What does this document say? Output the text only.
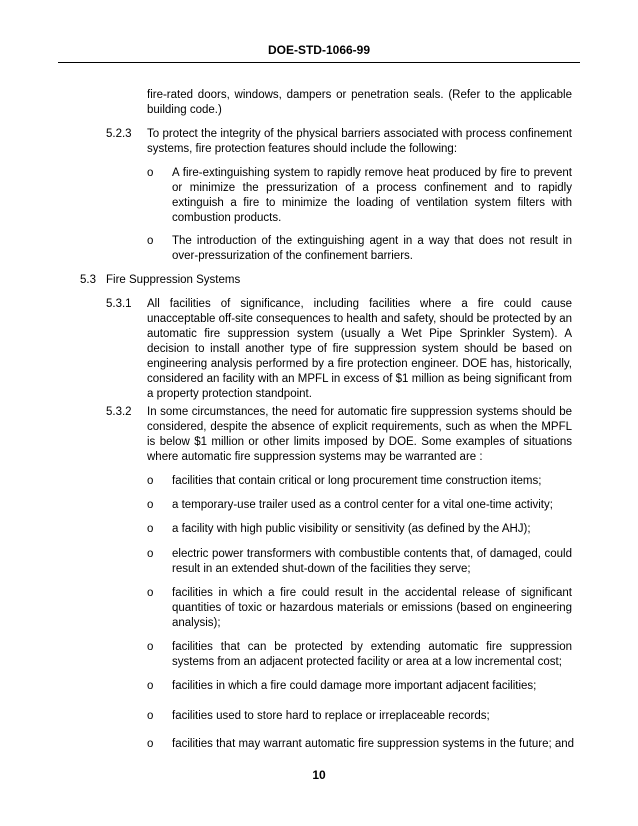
DOE-STD-1066-99
fire-rated doors, windows, dampers or penetration seals. (Refer to the applicable building code.)
5.2.3 To protect the integrity of the physical barriers associated with process confinement systems, fire protection features should include the following:
o A fire-extinguishing system to rapidly remove heat produced by fire to prevent or minimize the pressurization of a process confinement and to rapidly extinguish a fire to minimize the loading of ventilation system filters with combustion products.
o The introduction of the extinguishing agent in a way that does not result in over-pressurization of the confinement barriers.
5.3 Fire Suppression Systems
5.3.1 All facilities of significance, including facilities where a fire could cause unacceptable off-site consequences to health and safety, should be protected by an automatic fire suppression system (usually a Wet Pipe Sprinkler System). A decision to install another type of fire suppression system should be based on engineering analysis performed by a fire protection engineer. DOE has, historically, considered an facility with an MPFL in excess of $1 million as being significant from a property protection standpoint.
5.3.2 In some circumstances, the need for automatic fire suppression systems should be considered, despite the absence of explicit requirements, such as when the MPFL is below $1 million or other limits imposed by DOE. Some examples of situations where automatic fire suppression systems may be warranted are :
o facilities that contain critical or long procurement time construction items;
o a temporary-use trailer used as a control center for a vital one-time activity;
o a facility with high public visibility or sensitivity (as defined by the AHJ);
o electric power transformers with combustible contents that, of damaged, could result in an extended shut-down of the facilities they serve;
o facilities in which a fire could result in the accidental release of significant quantities of toxic or hazardous materials or emissions (based on engineering analysis);
o facilities that can be protected by extending automatic fire suppression systems from an adjacent protected facility or area at a low incremental cost;
o facilities in which a fire could damage more important adjacent facilities;
o facilities used to store hard to replace or irreplaceable records;
o facilities that may warrant automatic fire suppression systems in the future; and
10
